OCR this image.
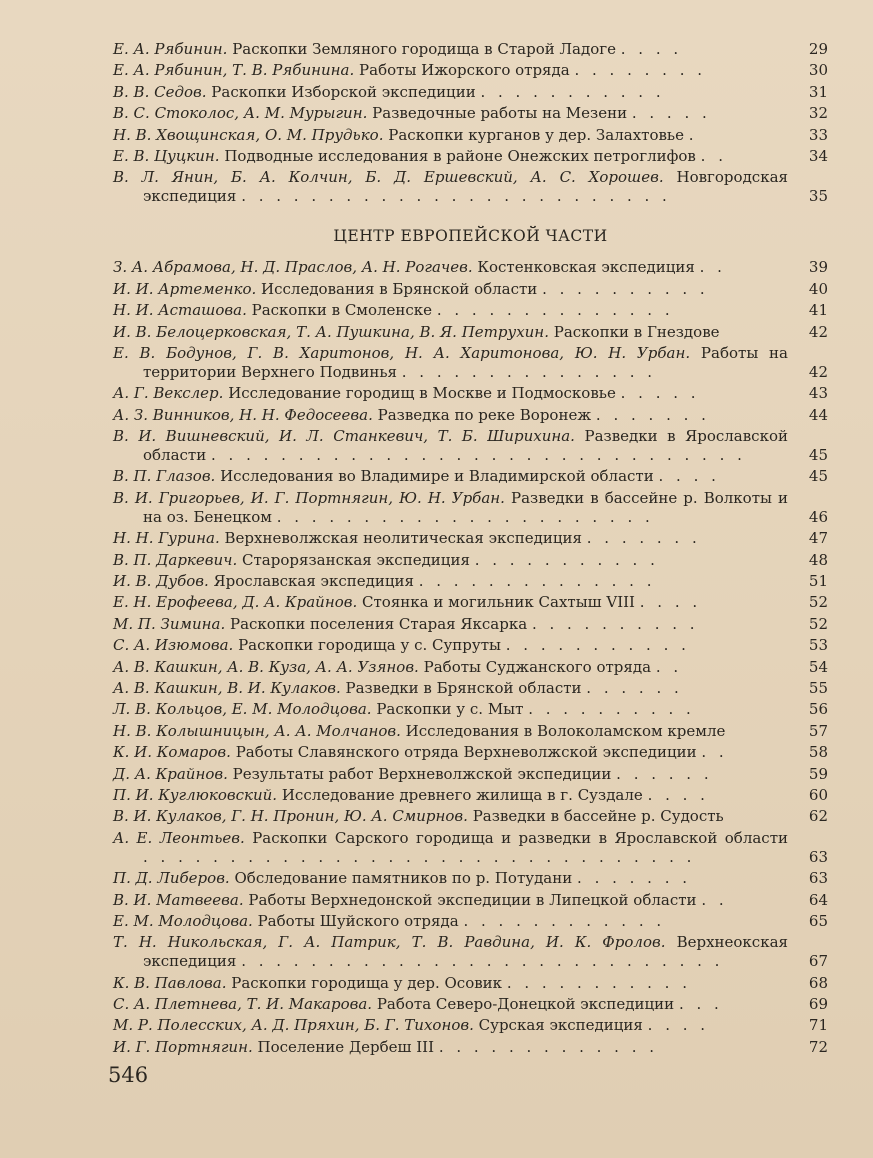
Е. А. Рябинин. Раскопки Земляного городища в Старой Ладоге . . . .	29
Е. А. Рябинин, Т. В. Рябинина. Работы Ижорского отряда . . . . . . . .	30
В. В. Седов. Раскопки Изборской экспедиции . . . . . . . . . . .	31
В. С. Стоколос, А. М. Мурыгин. Разведочные работы на Мезени . . . . .	32
Н. В. Хвощинская, О. М. Прудько. Раскопки курганов у дер. Залахтовье .	33
Е. В. Цуцкин. Подводные исследования в районе Онежских петроглифов . .	34
В. Л. Янин, Б. А. Колчин, Б. Д. Ершевский, А. С. Хорошев. Новгородская экспедиция . . . . . . . . . . . . . . . . . . . . . . . . .	35
ЦЕНТР ЕВРОПЕЙСКОЙ ЧАСТИ
З. А. Абрамова, Н. Д. Праслов, А. Н. Рогачев. Костенковская экспедиция . .	39
И. И. Артеменко. Исследования в Брянской области . . . . . . . . . .	40
Н. И. Асташова. Раскопки в Смоленске . . . . . . . . . . . . . .	41
И. В. Белоцерковская, Т. А. Пушкина, В. Я. Петрухин. Раскопки в Гнездове	42
Е. В. Бодунов, Г. В. Харитонов, Н. А. Харитонова, Ю. Н. Урбан. Работы на территории Верхнего Подвинья . . . . . . . . . . . . . . .	42
А. Г. Векслер. Исследование городищ в Москве и Подмосковье . . . . .	43
А. З. Винников, Н. Н. Федосеева. Разведка по реке Воронеж . . . . . . .	44
В. И. Вишневский, И. Л. Станкевич, Т. Б. Ширихина. Разведки в Ярославской области . . . . . . . . . . . . . . . . . . . . . . . . . . . . . . .	45
В. П. Глазов. Исследования во Владимире и Владимирской области . . . .	45
В. И. Григорьев, И. Г. Портнягин, Ю. Н. Урбан. Разведки в бассейне р. Волкоты и на оз. Бенецком . . . . . . . . . . . . . . . . . . . . . .	46
Н. Н. Гурина. Верхневолжская неолитическая экспедиция . . . . . . .	47
В. П. Даркевич. Старорязанская экспедиция . . . . . . . . . . .	48
И. В. Дубов. Ярославская экспедиция . . . . . . . . . . . . . .	51
Е. Н. Ерофеева, Д. А. Крайнов. Стоянка и могильник Сахтыш VIII . . . .	52
М. П. Зимина. Раскопки поселения Старая Яксарка . . . . . . . . . .	52
С. А. Изюмова. Раскопки городища у с. Супруты . . . . . . . . . . .	53
А. В. Кашкин, А. В. Куза, А. А. Узянов. Работы Суджанского отряда . .	54
А. В. Кашкин, В. И. Кулаков. Разведки в Брянской области . . . . . .	55
Л. В. Кольцов, Е. М. Молодцова. Раскопки у с. Мыт . . . . . . . . . .	56
Н. В. Колышницын, А. А. Молчанов. Исследования в Волоколамском кремле	57
К. И. Комаров. Работы Славянского отряда Верхневолжской экспедиции . .	58
Д. А. Крайнов. Результаты работ Верхневолжской экспедиции . . . . . .	59
П. И. Куглюковский. Исследование древнего жилища в г. Суздале . . . .	60
В. И. Кулаков, Г. Н. Пронин, Ю. А. Смирнов. Разведки в бассейне р. Судость	62
А. Е. Леонтьев. Раскопки Сарского городища и разведки в Ярославской области . . . . . . . . . . . . . . . . . . . . . . . . . . . . . . . .	63
П. Д. Либеров. Обследование памятников по р. Потудани . . . . . . .	63
В. И. Матвеева. Работы Верхнедонской экспедиции в Липецкой области . .	64
Е. М. Молодцова. Работы Шуйского отряда . . . . . . . . . . . .	65
Т. Н. Никольская, Г. А. Патрик, Т. В. Равдина, И. К. Фролов. Верхнеокская экспедиция . . . . . . . . . . . . . . . . . . . . . . . . . . . .	67
К. В. Павлова. Раскопки городища у дер. Осовик . . . . . . . . . . .	68
С. А. Плетнева, Т. И. Макарова. Работа Северо-Донецкой экспедиции . . .	69
М. Р. Полесских, А. Д. Пряхин, Б. Г. Тихонов. Сурская экспедиция . . . .	71
И. Г. Портнягин. Поселение Дербеш III . . . . . . . . . . . . .	72
546
